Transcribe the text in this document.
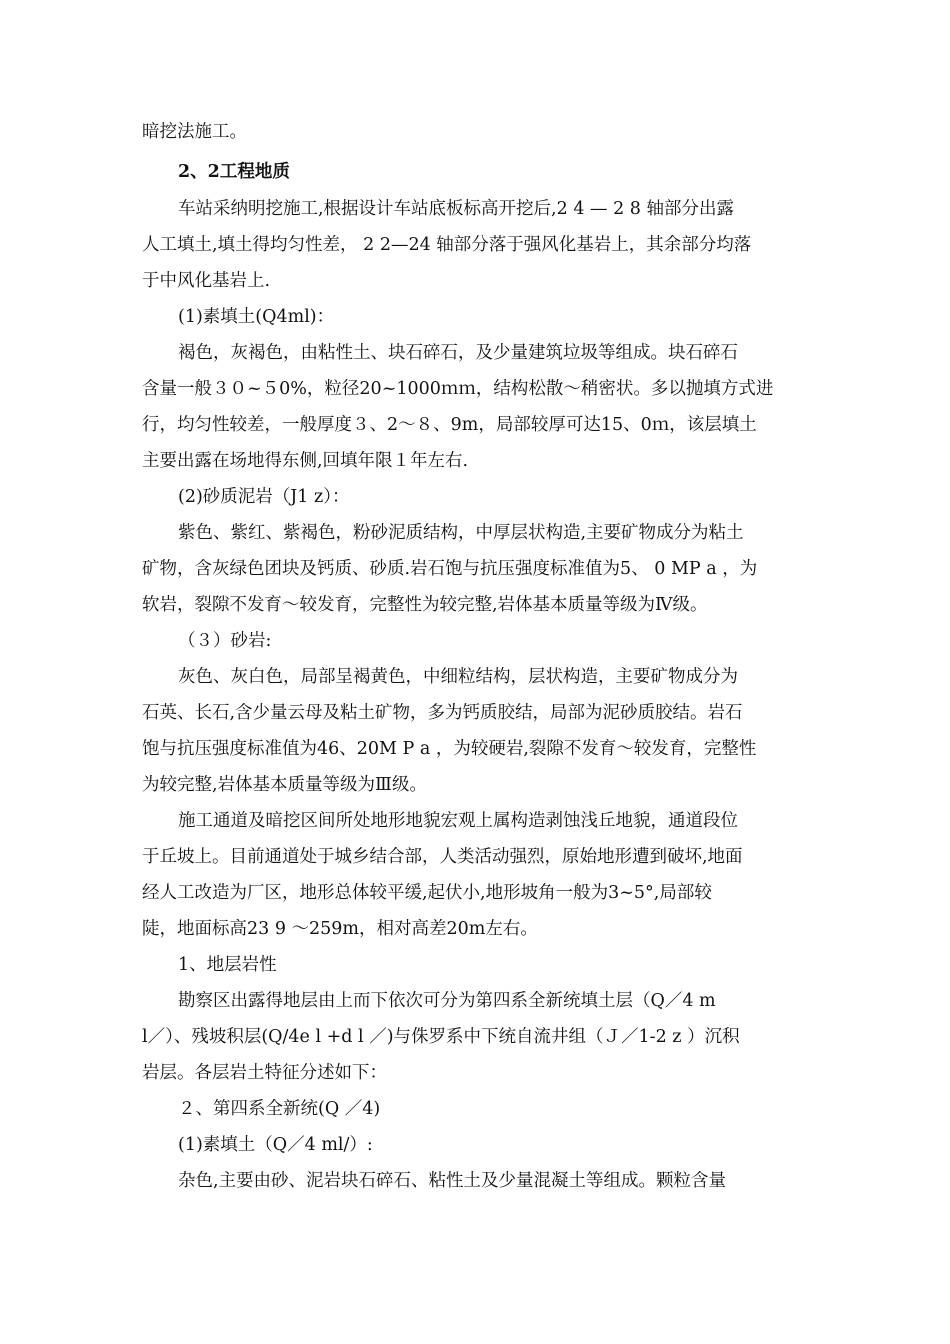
暗挖法施工。
2、2工程地质
车站采纳明挖施工,根据设计车站底板标高开挖后,2 4 — 2 8 轴部分出露
人工填土,填土得均匀性差， 2 2—24 轴部分落于强风化基岩上，其余部分均落
于中风化基岩上.
(1)素填土(Q4ml)：
褐色，灰褐色，由粘性土、块石碎石，及少量建筑垃圾等组成。块石碎石
含量一般３０~５0%，粒径20~1000ｍｍ，结构松散～稍密状。多以抛填方式进
行，均匀性较差，一般厚度３、2～８、9m，局部较厚可达15、0ｍ，该层填土
主要出露在场地得东侧,回填年限１年左右.
(2)砂质泥岩（J1 z）：
紫色、紫红、紫褐色，粉砂泥质结构，中厚层状构造,主要矿物成分为粘土
矿物，含灰绿色团块及钙质、砂质.岩石饱与抗压强度标准值为5、 0 MP a ，为
软岩，裂隙不发育～较发育，完整性为较完整,岩体基本质量等级为Ⅳ级。
（３）砂岩:
灰色、灰白色，局部呈褐黄色，中细粒结构，层状构造，主要矿物成分为
石英、长石,含少量云母及粘土矿物，多为钙质胶结，局部为泥砂质胶结。岩石
饱与抗压强度标准值为46、20M P a ，为较硬岩,裂隙不发育～较发育，完整性
为较完整,岩体基本质量等级为Ⅲ级。
施工通道及暗挖区间所处地形地貌宏观上属构造剥蚀浅丘地貌，通道段位
于丘坡上。目前通道处于城乡结合部，人类活动强烈，原始地形遭到破坏,地面
经人工改造为厂区，地形总体较平缓,起伏小,地形坡角一般为3~5°,局部较
陡，地面标高23 9 ～259m，相对高差20m左右。
1、地层岩性
勘察区出露得地层由上而下依次可分为第四系全新统填土层（Q／4 m
l／）、残坡积层(Q/4e l +d l ／)与侏罗系中下统自流井组（Ｊ／1-2 z ）沉积
岩层。各层岩土特征分述如下：
２、第四系全新统(Q ／4)
(1)素填土（Q／4 ml/）:
杂色,主要由砂、泥岩块石碎石、粘性土及少量混凝土等组成。颗粒含量
